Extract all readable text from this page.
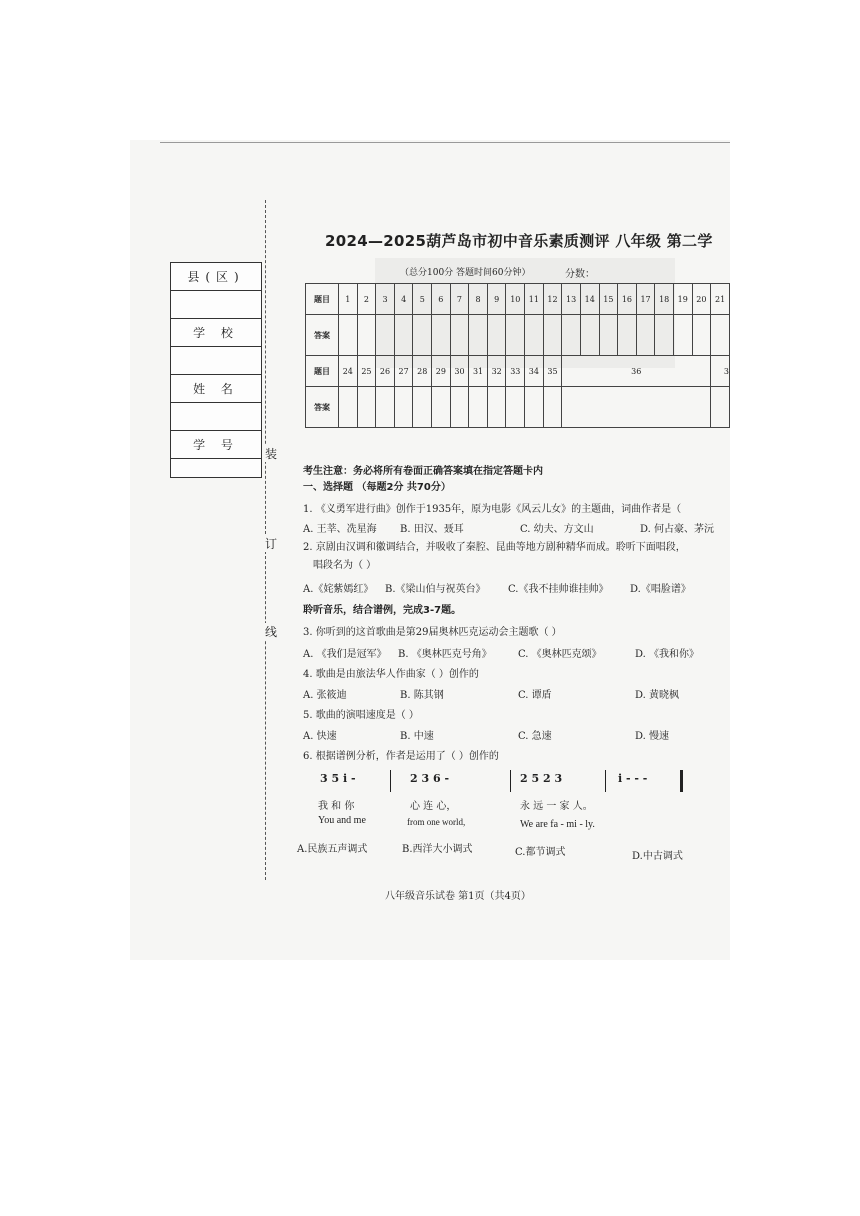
县(区)
学 校
姓 名
学 号
装
订
线
2024—2025葫芦岛市初中音乐素质测评 八年级 第二学
（总分100分 答题时间60分钟）	分数：
题目	1	2	3	4	5	6	7	8	9	10	11	12	13	14	15	16	17	18	19	20	21
答案																					
题目	24	25	26	27	28	29	30	31	32	33	34	35	36								3
答案																					
考生注意：务必将所有卷面正确答案填在指定答题卡内
一、选择题 （每题2分 共70分）
1. 《义勇军进行曲》创作于1935年，原为电影《风云儿女》的主题曲，词曲作者是（
A. 王莘、冼星海 B. 田汉、聂耳	C. 幼夫、方文山	D. 何占豪、茅沅
2. 京剧由汉调和徽调结合，并吸收了秦腔、昆曲等地方剧种精华而成。聆听下面唱段，
唱段名为（ ）
A.《姹紫嫣红》 B.《梁山伯与祝英台》 C.《我不挂帅谁挂帅》 D.《唱脸谱》
聆听音乐，结合谱例，完成3-7题。
3. 你听到的这首歌曲是第29届奥林匹克运动会主题歌（ ）
A. 《我们是冠军》 B. 《奥林匹克号角》	C. 《奥林匹克颂》	D. 《我和你》
4. 歌曲是由旅法华人作曲家（ ）创作的
A. 张筱迪	B. 陈其钢	C. 谭盾	D. 黄晓枫
5. 歌曲的演唱速度是（ ）
A. 快速	B. 中速	C. 急速	D. 慢速
6. 根据谱例分析，作者是运用了（ ）创作的
3 5 i -	2 3 6 -	2 5 2 3	i - - -
我 和 你	心 连 心，	永 远 一 家 人。
You and me	from one world,	We are fa - mi - ly.
A.民族五声调式	B.西洋大小调式	C.都节调式	D.中古调式
八年级音乐试卷 第1页（共4页）
